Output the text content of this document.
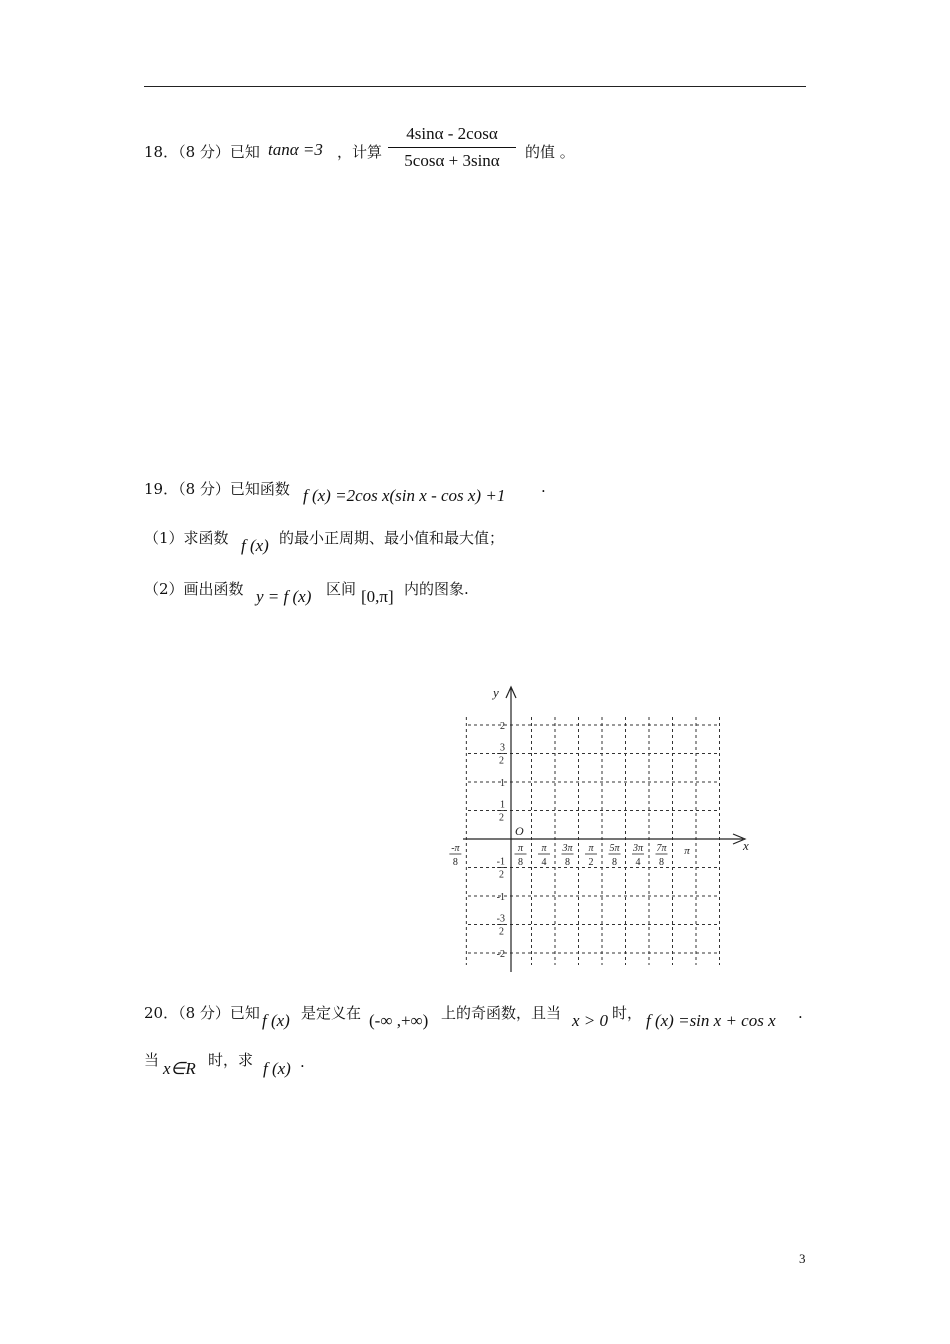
18．（8 分）已知 tanα =3 ，计算
4sinα - 2cosα
5cosα + 3sinα	的值 。
19．（8 分）已知函数 f (x) =2cos x(sin x - cos x) +1 .
（1）求函数 f (x) 的最小正周期、最小值和最大值；
（2）画出函数 y = f (x) 区间 [0,π] 内的图象.
y
x
O
2
3
2
1
1
2
-1
2
-1
-3
2
-2
-π
8
π
8
π
4
3π
8
π
2
5π
8
3π
4
7π
8
π
20．（8 分）已知 f (x) 是定义在 (-∞ ,+∞) 上的奇函数，且当 x > 0 时， f (x) =sin x + cos x .
当 x∈R 时，求 f (x) .
3
